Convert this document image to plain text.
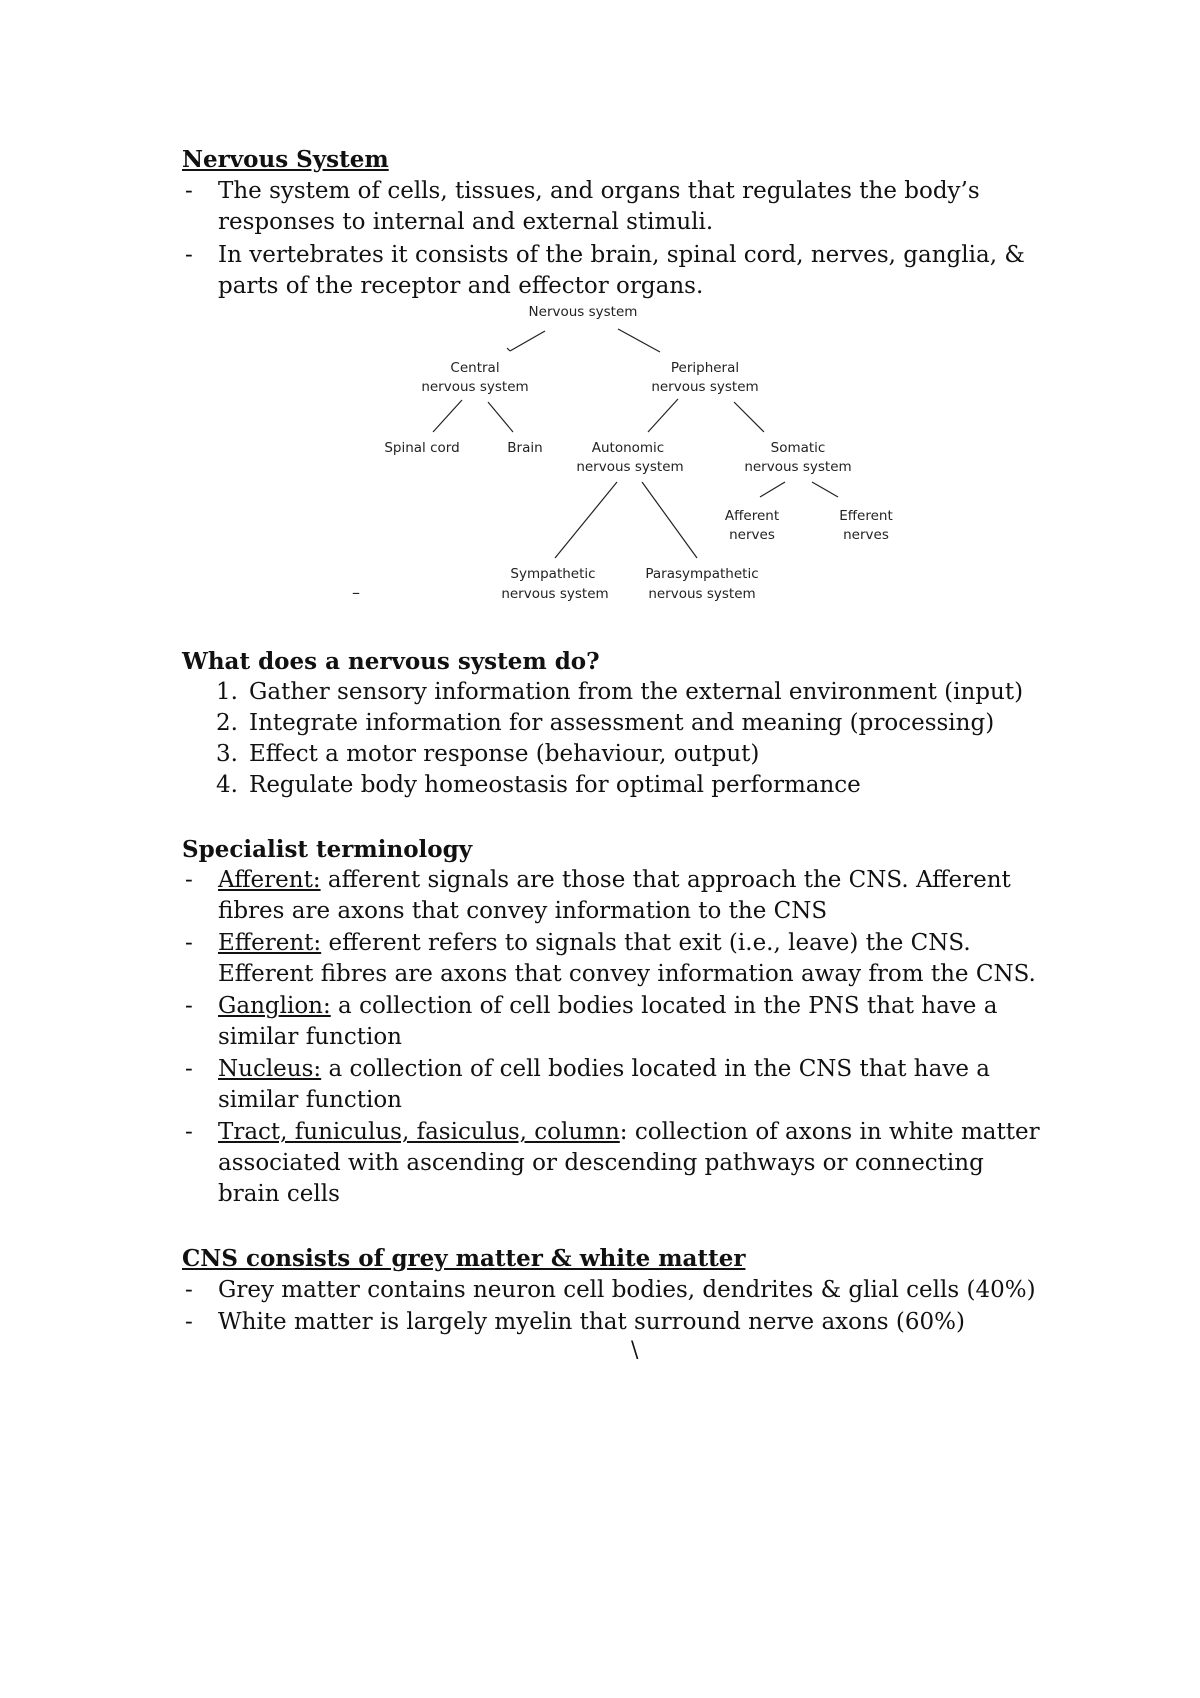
Nervous System
- The system of cells, tissues, and organs that regulates the body’s
responses to internal and external stimuli.
- In vertebrates it consists of the brain, spinal cord, nerves, ganglia, &
parts of the receptor and effector organs.
Nervous system
Central
nervous system
Peripheral
nervous system
Spinal cord	Brain	Autonomic
nervous system
Somatic
nervous system
Afferent
nerves
Efferent
nerves
Sympathetic
nervous system
Parasympathetic
nervous system
–
What does a nervous system do?
1. Gather sensory information from the external environment (input)
2. Integrate information for assessment and meaning (processing)
3. Effect a motor response (behaviour, output)
4. Regulate body homeostasis for optimal performance
Specialist terminology
- Afferent: afferent signals are those that approach the CNS. Afferent
fibres are axons that convey information to the CNS
- Efferent: efferent refers to signals that exit (i.e., leave) the CNS.
Efferent fibres are axons that convey information away from the CNS.
- Ganglion: a collection of cell bodies located in the PNS that have a
similar function
- Nucleus: a collection of cell bodies located in the CNS that have a
similar function
- Tract, funiculus, fasiculus, column: collection of axons in white matter
associated with ascending or descending pathways or connecting
brain cells
CNS consists of grey matter & white matter
- Grey matter contains neuron cell bodies, dendrites & glial cells (40%)
- White matter is largely myelin that surround nerve axons (60%)
\
